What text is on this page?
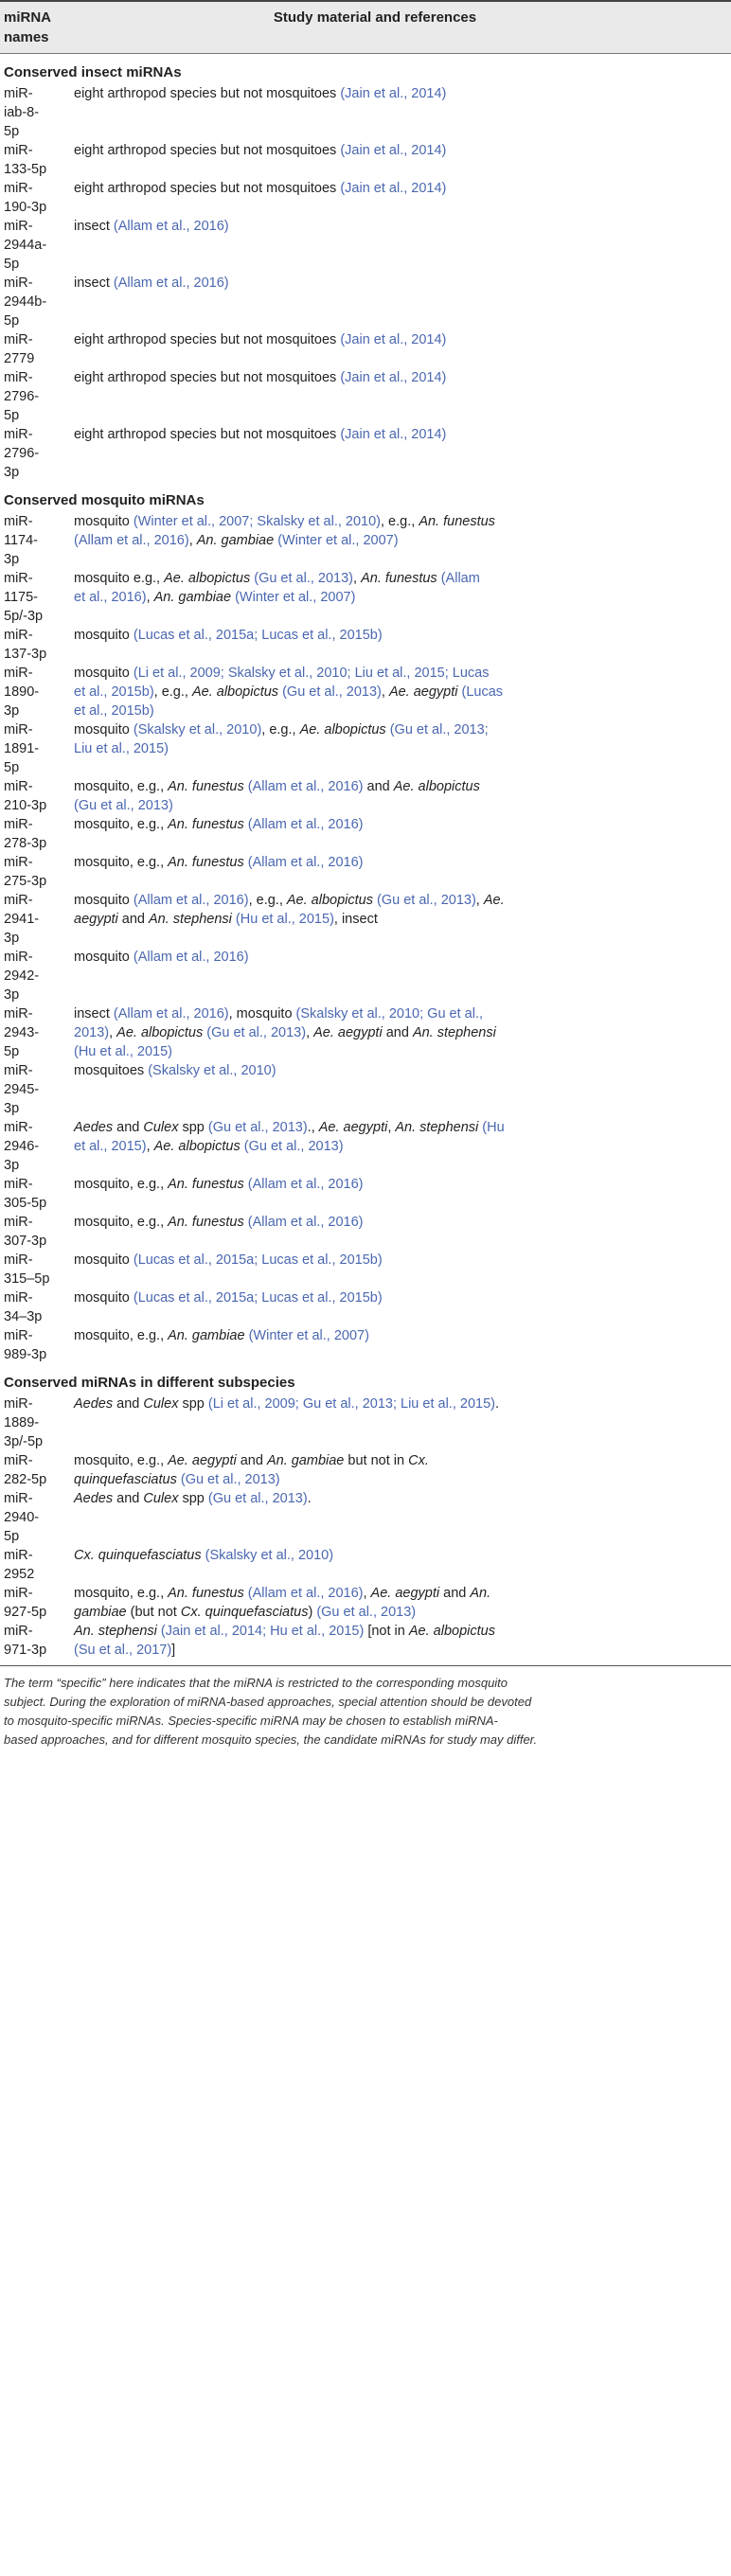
miRNA names
Study material and references
Conserved insect miRNAs
miR-
iab-8-
5p
eight arthropod species but not mosquitoes (Jain et al., 2014)
miR-
133-5p
eight arthropod species but not mosquitoes (Jain et al., 2014)
miR-
190-3p
eight arthropod species but not mosquitoes (Jain et al., 2014)
miR-
2944a-
5p
insect (Allam et al., 2016)
miR-
2944b-
5p
insect (Allam et al., 2016)
miR-
2779
eight arthropod species but not mosquitoes (Jain et al., 2014)
miR-
2796-
5p
eight arthropod species but not mosquitoes (Jain et al., 2014)
miR-
2796-
3p
eight arthropod species but not mosquitoes (Jain et al., 2014)
Conserved mosquito miRNAs
miR-
1174-
3p
mosquito (Winter et al., 2007; Skalsky et al., 2010), e.g., An. funestus
(Allam et al., 2016), An. gambiae (Winter et al., 2007)
miR-
1175-
5p/-3p
mosquito e.g., Ae. albopictus (Gu et al., 2013), An. funestus (Allam
et al., 2016), An. gambiae (Winter et al., 2007)
miR-
137-3p
mosquito (Lucas et al., 2015a; Lucas et al., 2015b)
miR-
1890-
3p
mosquito (Li et al., 2009; Skalsky et al., 2010; Liu et al., 2015; Lucas
et al., 2015b), e.g., Ae. albopictus (Gu et al., 2013), Ae. aegypti (Lucas
et al., 2015b)
miR-
1891-
5p
mosquito (Skalsky et al., 2010), e.g., Ae. albopictus (Gu et al., 2013;
Liu et al., 2015)
miR-
210-3p
mosquito, e.g., An. funestus (Allam et al., 2016) and Ae. albopictus
(Gu et al., 2013)
miR-
278-3p
mosquito, e.g., An. funestus (Allam et al., 2016)
miR-
275-3p
mosquito, e.g., An. funestus (Allam et al., 2016)
miR-
2941-
3p
mosquito (Allam et al., 2016), e.g., Ae. albopictus (Gu et al., 2013), Ae.
aegypti and An. stephensi (Hu et al., 2015), insect
miR-
2942-
3p
mosquito (Allam et al., 2016)
miR-
2943-
5p
insect (Allam et al., 2016), mosquito (Skalsky et al., 2010; Gu et al.,
2013), Ae. albopictus (Gu et al., 2013), Ae. aegypti and An. stephensi
(Hu et al., 2015)
miR-
2945-
3p
mosquitoes (Skalsky et al., 2010)
miR-
2946-
3p
Aedes and Culex spp (Gu et al., 2013)., Ae. aegypti, An. stephensi (Hu
et al., 2015), Ae. albopictus (Gu et al., 2013)
miR-
305-5p
mosquito, e.g., An. funestus (Allam et al., 2016)
miR-
307-3p
mosquito, e.g., An. funestus (Allam et al., 2016)
miR-
315–5p
mosquito (Lucas et al., 2015a; Lucas et al., 2015b)
miR-
34–3p
mosquito (Lucas et al., 2015a; Lucas et al., 2015b)
miR-
989-3p
mosquito, e.g., An. gambiae (Winter et al., 2007)
Conserved miRNAs in different subspecies
miR-
1889-
3p/-5p
Aedes and Culex spp (Li et al., 2009; Gu et al., 2013; Liu et al., 2015).
miR-
282-5p
mosquito, e.g., Ae. aegypti and An. gambiae but not in Cx.
quinquefasciatus (Gu et al., 2013)
miR-
2940-
5p
Aedes and Culex spp (Gu et al., 2013).
miR-
2952
Cx. quinquefasciatus (Skalsky et al., 2010)
miR-
927-5p
mosquito, e.g., An. funestus (Allam et al., 2016), Ae. aegypti and An.
gambiae (but not Cx. quinquefasciatus) (Gu et al., 2013)
miR-
971-3p
An. stephensi (Jain et al., 2014; Hu et al., 2015) [not in Ae. albopictus
(Su et al., 2017)]
The term “specific” here indicates that the miRNA is restricted to the corresponding mosquito
subject. During the exploration of miRNA-based approaches, special attention should be devoted
to mosquito-specific miRNAs. Species-specific miRNA may be chosen to establish miRNA-
based approaches, and for different mosquito species, the candidate miRNAs for study may differ.
